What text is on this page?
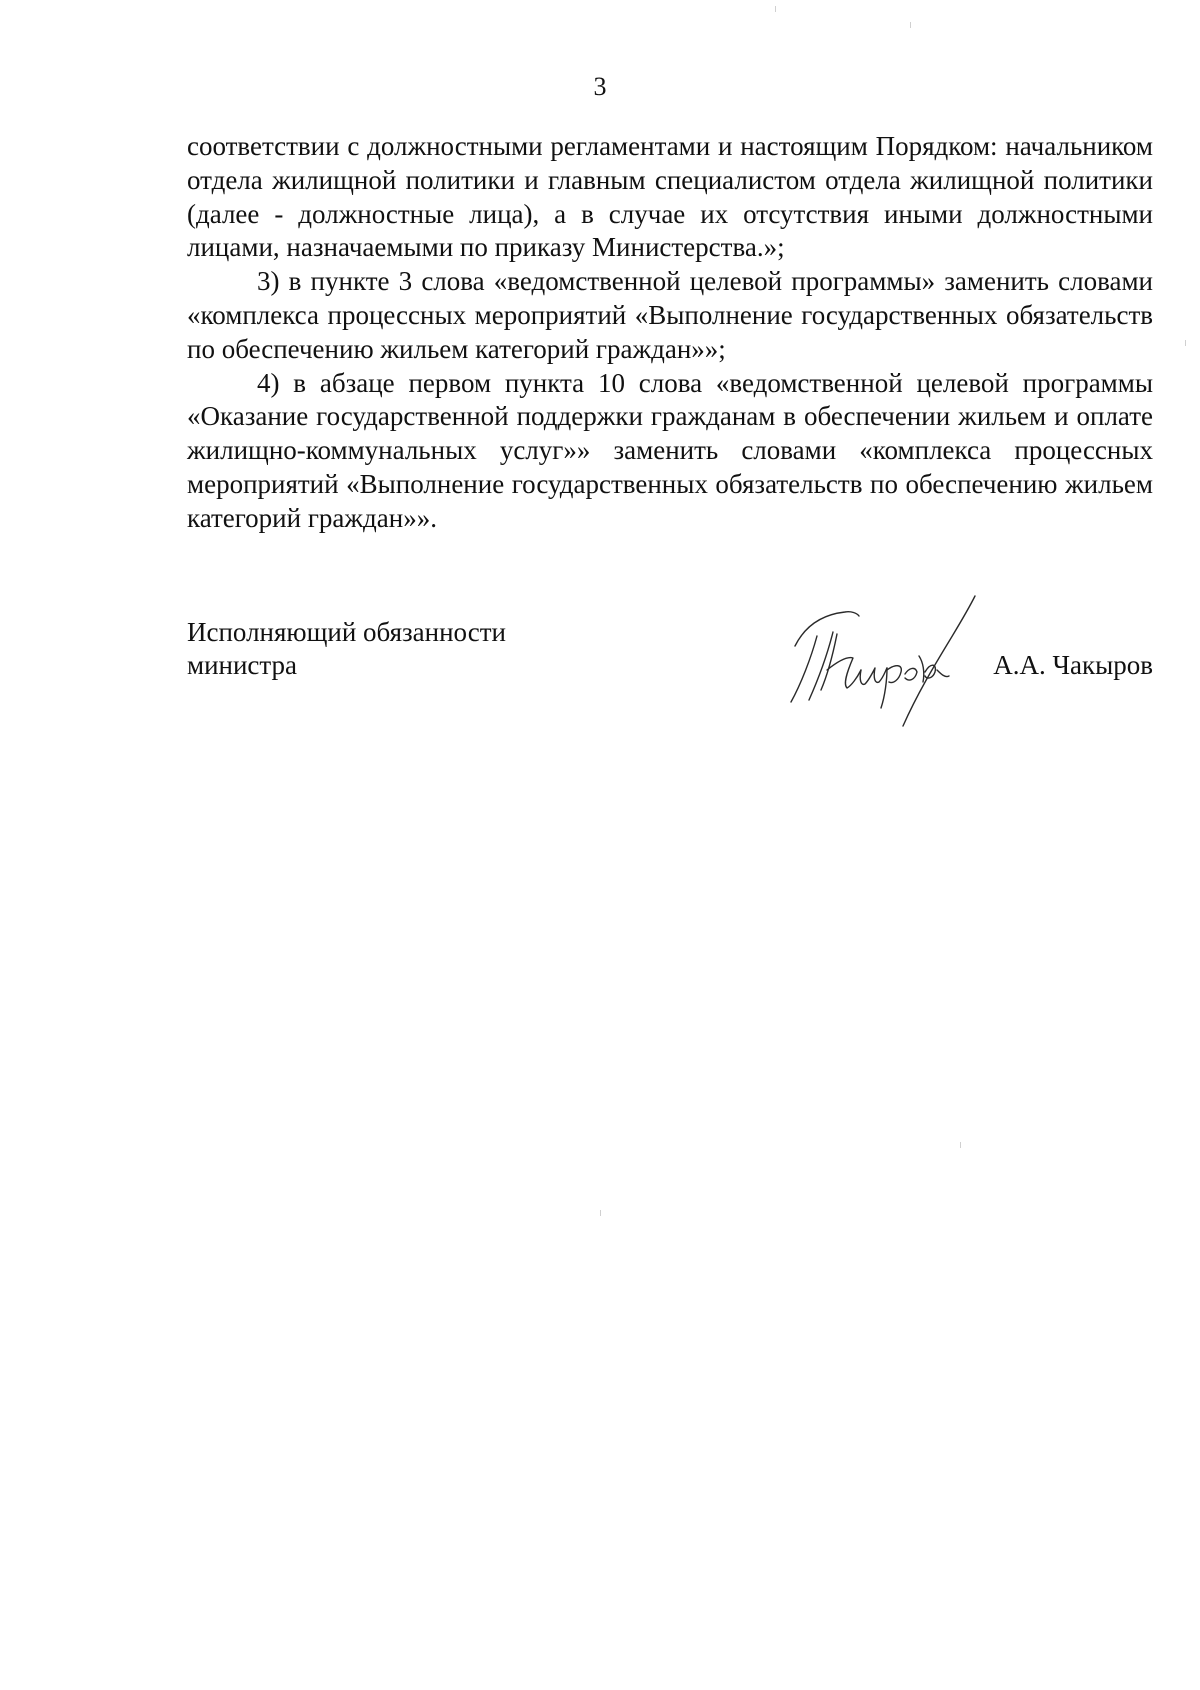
3

соответствии с должностными регламентами и настоящим Порядком: начальником отдела жилищной политики и главным специалистом отдела жилищной политики (далее - должностные лица), а в случае их отсутствия иными должностными лицами, назначаемыми по приказу Министерства.»;

3) в пункте 3 слова «ведомственной целевой программы» заменить словами «комплекса процессных мероприятий «Выполнение государственных обязательств по обеспечению жильем категорий граждан»»;

4) в абзаце первом пункта 10 слова «ведомственной целевой программы «Оказание государственной поддержки гражданам в обеспечении жильем и оплате жилищно-коммунальных услуг»» заменить словами «комплекса процессных мероприятий «Выполнение государственных обязательств по обеспечению жильем категорий граждан»».

Исполняющий обязанности
министра	А.А. Чакыров
